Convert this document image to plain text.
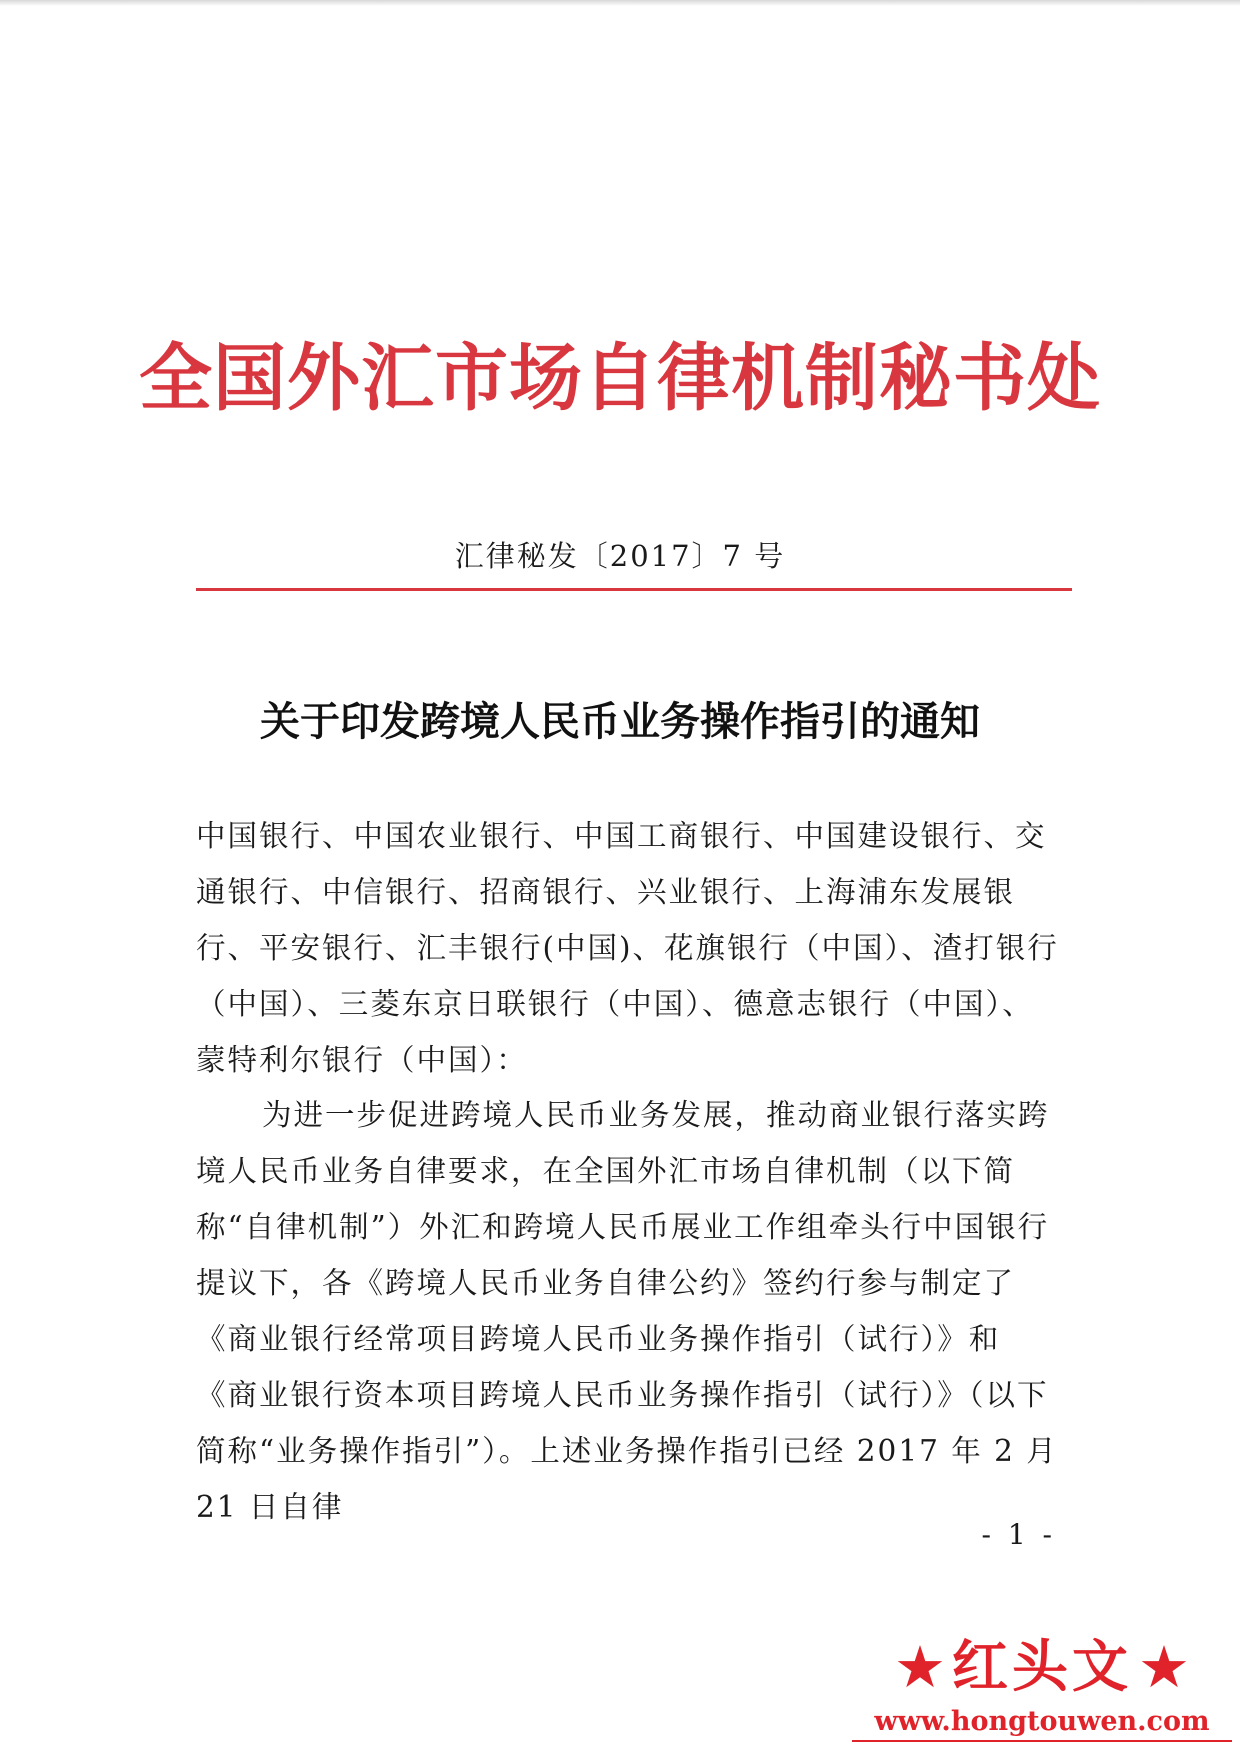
全国外汇市场自律机制秘书处
汇律秘发〔2017〕7 号
关于印发跨境人民币业务操作指引的通知
中国银行、中国农业银行、中国工商银行、中国建设银行、交通银行、中信银行、招商银行、兴业银行、上海浦东发展银行、平安银行、汇丰银行(中国)、花旗银行（中国）、渣打银行（中国）、三菱东京日联银行（中国）、德意志银行（中国）、蒙特利尔银行（中国）：
为进一步促进跨境人民币业务发展，推动商业银行落实跨境人民币业务自律要求，在全国外汇市场自律机制（以下简称“自律机制”）外汇和跨境人民币展业工作组牵头行中国银行提议下，各《跨境人民币业务自律公约》签约行参与制定了《商业银行经常项目跨境人民币业务操作指引（试行）》和《商业银行资本项目跨境人民币业务操作指引（试行）》（以下简称“业务操作指引”）。上述业务操作指引已经 2017 年 2 月 21 日自律
- 1 -
★ 红头文 ★
www.hongtouwen.com
